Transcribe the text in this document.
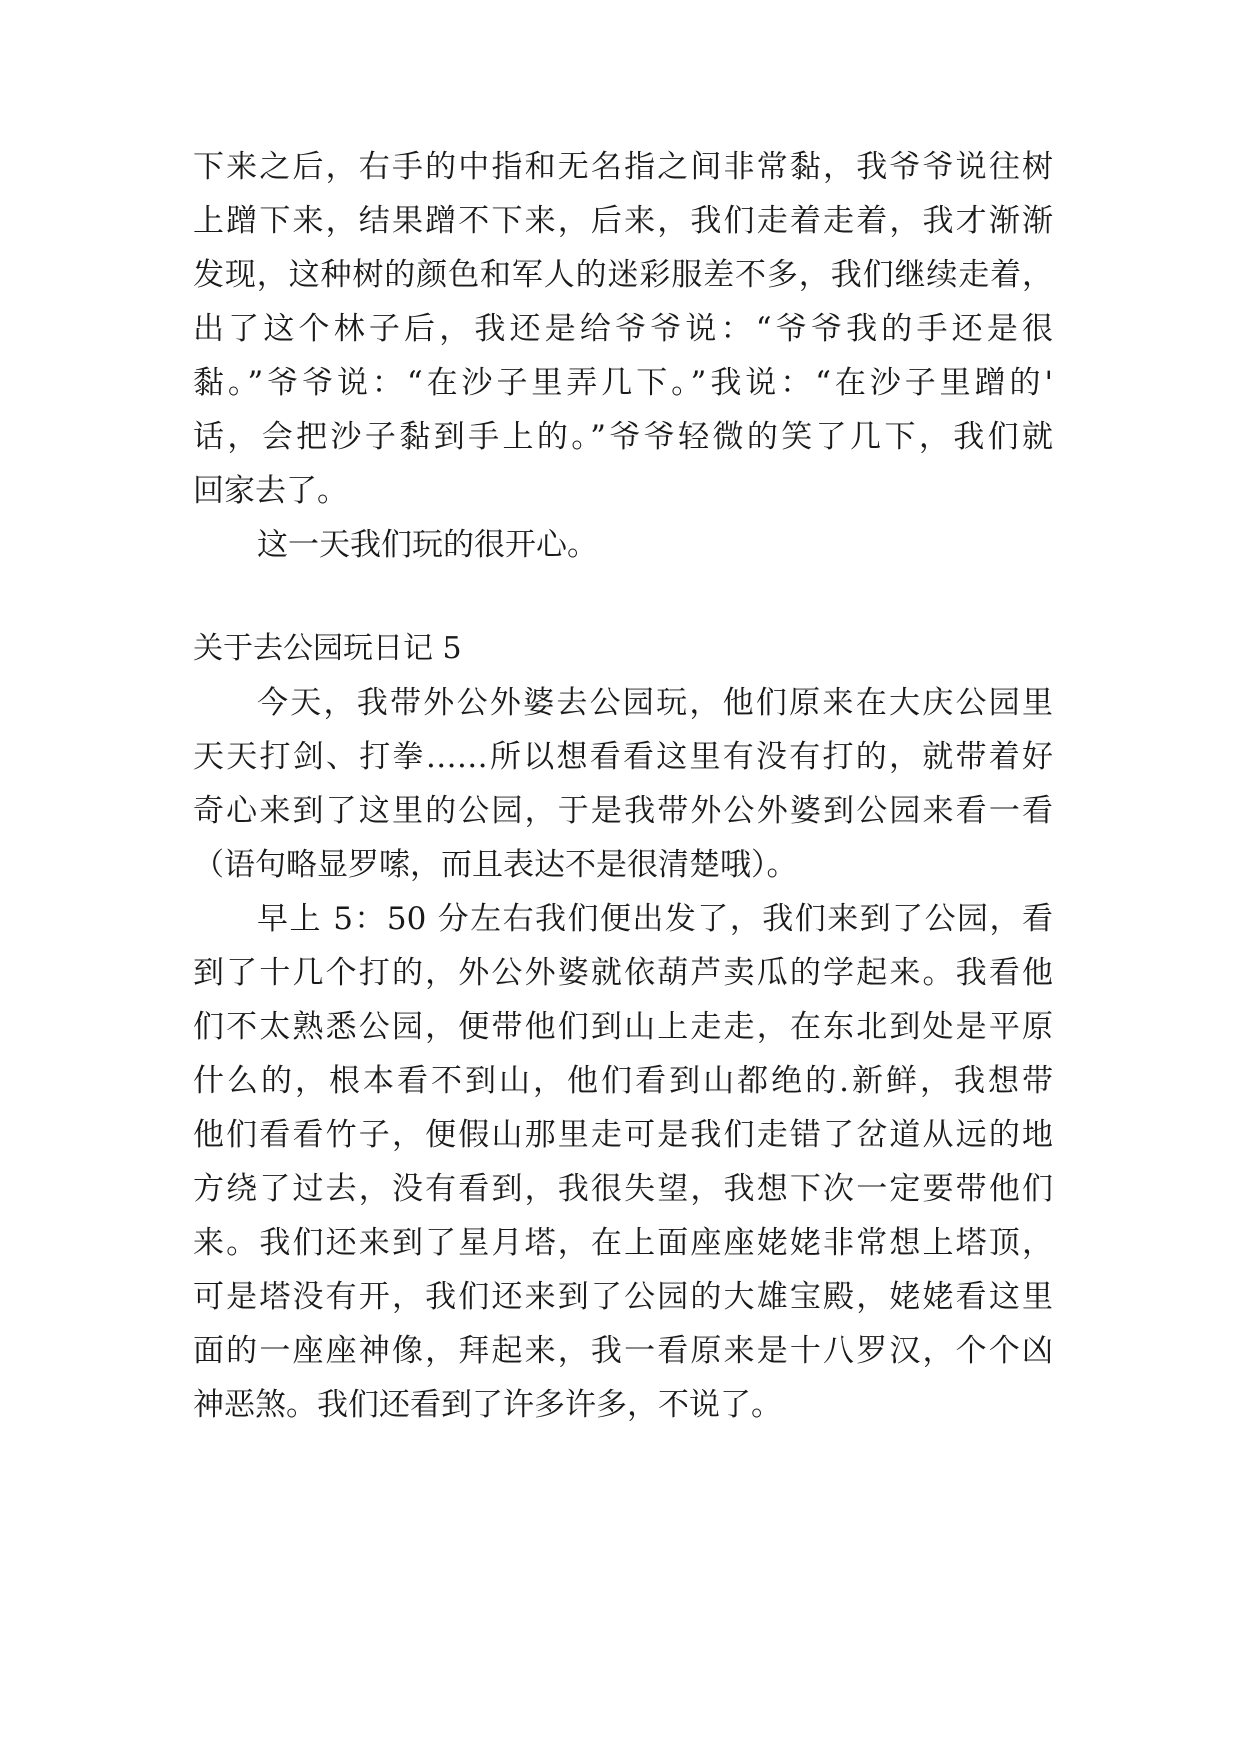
下来之后，右手的中指和无名指之间非常黏，我爷爷说往树
上蹭下来，结果蹭不下来，后来，我们走着走着，我才渐渐
发现，这种树的颜色和军人的迷彩服差不多，我们继续走着，
出了这个林子后，我还是给爷爷说：“爷爷我的手还是很
黏。”爷爷说：“在沙子里弄几下。”我说：“在沙子里蹭的'
话，会把沙子黏到手上的。”爷爷轻微的笑了几下，我们就
回家去了。
这一天我们玩的很开心。
关于去公园玩日记 5
今天，我带外公外婆去公园玩，他们原来在大庆公园里
天天打剑、打拳……所以想看看这里有没有打的，就带着好
奇心来到了这里的公园，于是我带外公外婆到公园来看一看
（语句略显罗嗦，而且表达不是很清楚哦）。
早上 5：50 分左右我们便出发了，我们来到了公园，看
到了十几个打的，外公外婆就依葫芦卖瓜的学起来。我看他
们不太熟悉公园，便带他们到山上走走，在东北到处是平原
什么的，根本看不到山，他们看到山都绝的.新鲜，我想带
他们看看竹子，便假山那里走可是我们走错了岔道从远的地
方绕了过去，没有看到，我很失望，我想下次一定要带他们
来。我们还来到了星月塔，在上面座座姥姥非常想上塔顶，
可是塔没有开，我们还来到了公园的大雄宝殿，姥姥看这里
面的一座座神像，拜起来，我一看原来是十八罗汉，个个凶
神恶煞。我们还看到了许多许多，不说了。
